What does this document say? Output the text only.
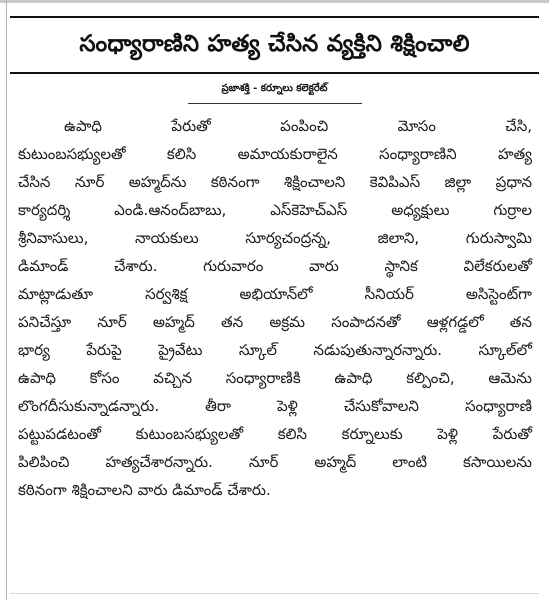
సంధ్యారాణిని హత్య చేసిన వ్యక్తిని శిక్షించాలి
ప్రజాశక్తి - కర్నూలు కలెక్టరేట్
ఉపాధి పేరుతో పంపించి మోసం చేసి,
కుటుంబసభ్యులతో కలిసి అమాయకురాలైన సంధ్యారాణిని హత్య
చేసిన నూర్ అహ్మద్‌ను కఠినంగా శిక్షించాలని కెవిపిఎస్ జిల్లా ప్రధాన
కార్యదర్శి ఎండి.ఆనంద్‌బాబు, ఎస్‌కెహెచ్‌ఎస్ అధ్యక్షులు గుర్రాల
శ్రీనివాసులు, నాయకులు సూర్యచంద్రన్న, జిలాని, గురుస్వామి
డిమాండ్ చేశారు. గురువారం వారు స్థానిక విలేకరులతో
మాట్లాడుతూ సర్వశిక్ష అభియాన్‌లో సీనియర్ అసిస్టెంట్‌గా
పనిచేస్తూ నూర్ అహ్మద్ తన అక్రమ సంపాదనతో ఆళ్లగడ్డలో తన
భార్య పేరుపై ప్రైవేటు స్కూల్ నడుపుతున్నారన్నారు. స్కూల్‌లో
ఉపాధి కోసం వచ్చిన సంధ్యారాణికి ఉపాధి కల్పించి, ఆమెను
లొంగదీసుకున్నాడన్నారు. తీరా పెళ్లి చేసుకోవాలని సంధ్యారాణి
పట్టుపడటంతో కుటుంబసభ్యులతో కలిసి కర్నూలుకు పెళ్లి పేరుతో
పిలిపించి హత్యచేశారన్నారు. నూర్ అహ్మద్ లాంటి కసాయిలను
కఠినంగా శిక్షించాలని వారు డిమాండ్ చేశారు.
